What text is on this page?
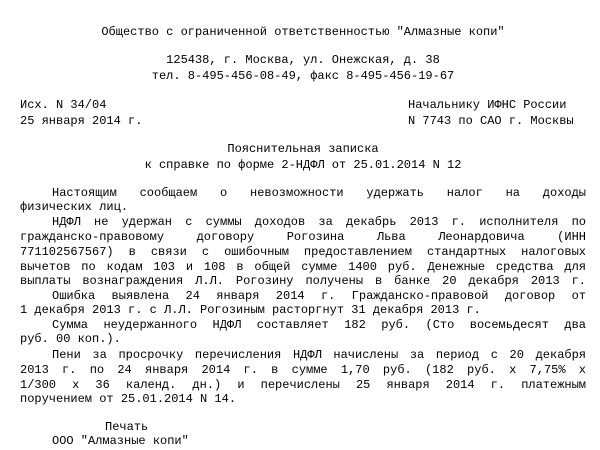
Общество с ограниченной ответственностью "Алмазные копи"
125438, г. Москва, ул. Онежская, д. 38
тел. 8-495-456-08-49, факс 8-495-456-19-67
Исх. N 34/04
25 января 2014 г.
Начальнику ИФНС России
N 7743 по САО г. Москвы
Пояснительная записка
к справке по форме 2-НДФЛ от 25.01.2014 N 12
Настоящим сообщаем о невозможности удержать налог на доходы
физических лиц.
НДФЛ не удержан с суммы доходов за декабрь 2013 г. исполнителя по
гражданско-правовому договору Рогозина Льва Леонардовича (ИНН
771102567567) в связи с ошибочным предоставлением стандартных налоговых
вычетов по кодам 103 и 108 в общей сумме 1400 руб. Денежные средства для
выплаты вознаграждения Л.Л. Рогозину получены в банке 20 декабря 2013 г.
Ошибка выявлена 24 января 2014 г. Гражданско-правовой договор от
1 декабря 2013 г. с Л.Л. Рогозиным расторгнут 31 декабря 2013 г.
Сумма неудержанного НДФЛ составляет 182 руб. (Сто восемьдесят два
руб. 00 коп.).
Пени за просрочку перечисления НДФЛ начислены за период с 20 декабря
2013 г. по 24 января 2014 г. в сумме 1,70 руб. (182 руб. x 7,75% x
1/300 x 36 календ. дн.) и перечислены 25 января 2014 г. платежным
поручением от 25.01.2014 N 14.
Печать
ООО "Алмазные копи"
